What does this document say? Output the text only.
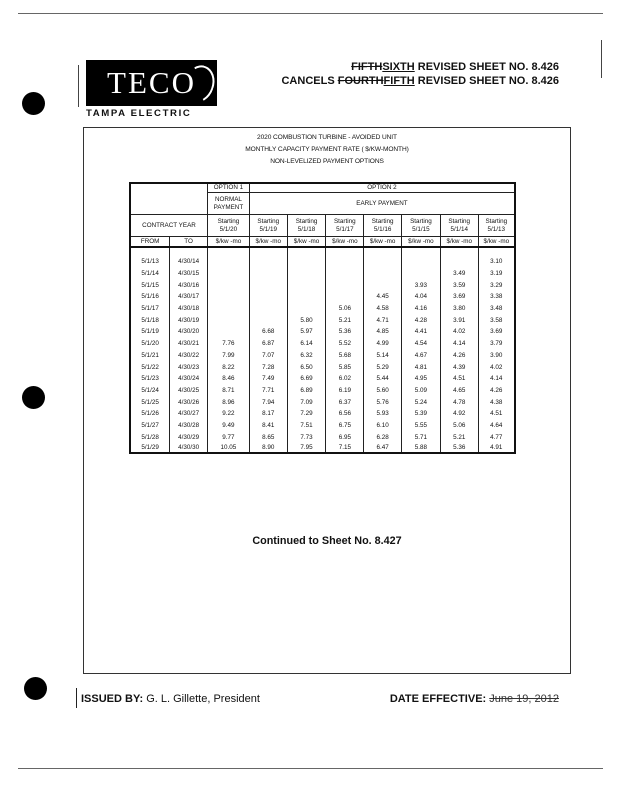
TECO
TAMPA ELECTRIC
FIFTHSIXTH REVISED SHEET NO. 8.426
CANCELS FOURTHFIFTH REVISED SHEET NO. 8.426
2020 COMBUSTION TURBINE - AVOIDED UNIT
MONTHLY CAPACITY PAYMENT RATE ( $/KW-MONTH)
NON-LEVELIZED PAYMENT OPTIONS
Continued to Sheet No. 8.427
		OPTION 1	OPTION 2						
		NORMAL PAYMENT	EARLY PAYMENT						
CONTRACT YEAR		Starting 5/1/20	Starting 5/1/19	Starting 5/1/18	Starting 5/1/17	Starting 5/1/16	Starting 5/1/15	Starting 5/1/14	Starting 5/1/13
FROM	TO	$/kw -mo	$/kw -mo	$/kw -mo	$/kw -mo	$/kw -mo	$/kw -mo	$/kw -mo	$/kw -mo

5/1/13	4/30/14								3.10
5/1/14	4/30/15							3.49	3.19
5/1/15	4/30/16						3.93	3.59	3.29
5/1/16	4/30/17					4.45	4.04	3.69	3.38
5/1/17	4/30/18				5.06	4.58	4.16	3.80	3.48
5/1/18	4/30/19			5.80	5.21	4.71	4.28	3.91	3.58
5/1/19	4/30/20		6.68	5.97	5.36	4.85	4.41	4.02	3.69
5/1/20	4/30/21	7.76	6.87	6.14	5.52	4.99	4.54	4.14	3.79
5/1/21	4/30/22	7.99	7.07	6.32	5.68	5.14	4.67	4.26	3.90
5/1/22	4/30/23	8.22	7.28	6.50	5.85	5.29	4.81	4.39	4.02
5/1/23	4/30/24	8.46	7.49	6.69	6.02	5.44	4.95	4.51	4.14
5/1/24	4/30/25	8.71	7.71	6.89	6.19	5.60	5.09	4.65	4.26
5/1/25	4/30/26	8.96	7.94	7.09	6.37	5.76	5.24	4.78	4.38
5/1/26	4/30/27	9.22	8.17	7.29	6.56	5.93	5.39	4.92	4.51
5/1/27	4/30/28	9.49	8.41	7.51	6.75	6.10	5.55	5.06	4.64
5/1/28	4/30/29	9.77	8.65	7.73	6.95	6.28	5.71	5.21	4.77
5/1/29	4/30/30	10.05	8.90	7.95	7.15	6.47	5.88	5.36	4.91
ISSUED BY: G. L. Gillette, President	DATE EFFECTIVE: June 19, 2012
